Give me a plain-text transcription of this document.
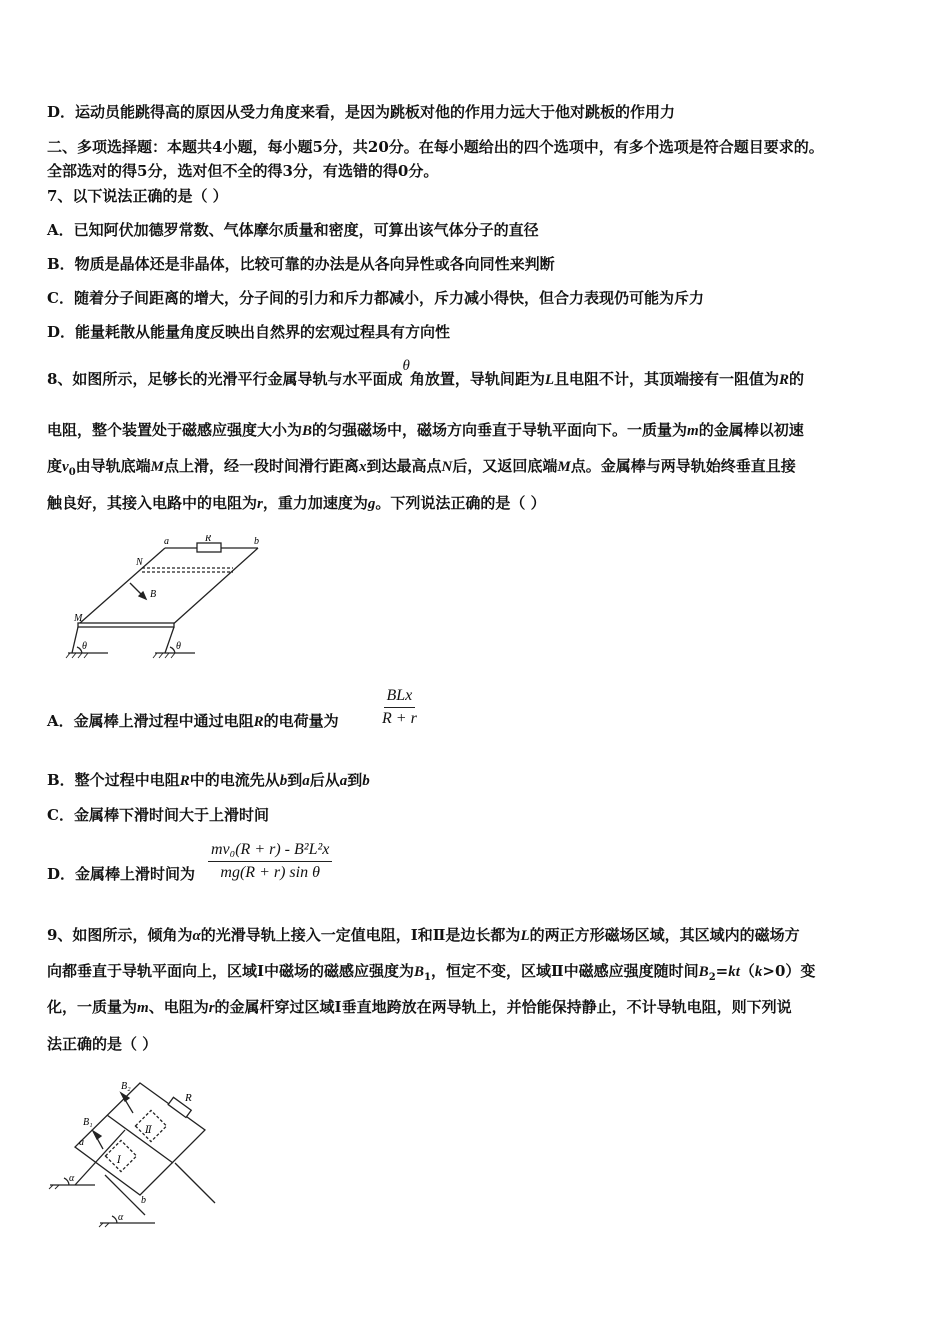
D．运动员能跳得高的原因从受力角度来看，是因为跳板对他的作用力远大于他对跳板的作用力
二、多项选择题：本题共4小题，每小题5分，共20分。在每小题给出的四个选项中，有多个选项是符合题目要求的。
全部选对的得5分，选对但不全的得3分，有选错的得0分。
7、以下说法正确的是（ ）
A．已知阿伏加德罗常数、气体摩尔质量和密度，可算出该气体分子的直径
B．物质是晶体还是非晶体，比较可靠的办法是从各向异性或各向同性来判断
C．随着分子间距离的增大，分子间的引力和斥力都减小，斥力减小得快，但合力表现仍可能为斥力
D．能量耗散从能量角度反映出自然界的宏观过程具有方向性
8、如图所示，足够长的光滑平行金属导轨与水平面成θ角放置，导轨间距为L且电阻不计，其顶端接有一阻值为R的
电阻，整个装置处于磁感应强度大小为B的匀强磁场中，磁场方向垂直于导轨平面向下。一质量为m的金属棒以初速
度$v_0$由导轨底端M点上滑，经一段时间滑行距离x到达最高点N后，又返回底端M点。金属棒与两导轨始终垂直且接
触良好，其接入电路中的电阻为r，重力加速度为g。下列说法正确的是（ ）
a	R	b
N
B
M
θ	θ
A．金属棒上滑过程中通过电阻R的电荷量为
BLx
R + r
B．整个过程中电阻R中的电流先从b到a后从a到b
C．金属棒下滑时间大于上滑时间
D．金属棒上滑时间为 $\frac{\text{mv₀(R + r) - B²L²x}}{\text{mg(R + r) sin θ}}$
9、如图所示，倾角为α的光滑导轨上接入一定值电阻，Ⅰ和Ⅱ是边长都为L的两正方形磁场区域，其区域内的磁场方
向都垂直于导轨平面向上，区域Ⅰ中磁场的磁感应强度为$B_1$，恒定不变，区域Ⅱ中磁感应强度随时间$B_2=kt(k>0)$变
化，一质量为m、电阻为r的金属杆穿过区域Ⅰ垂直地跨放在两导轨上，并恰能保持静止，不计导轨电阻，则下列说
法正确的是（ ）
B₂
R
B₁
Ⅱ
Ⅰ
a
b
α
α
